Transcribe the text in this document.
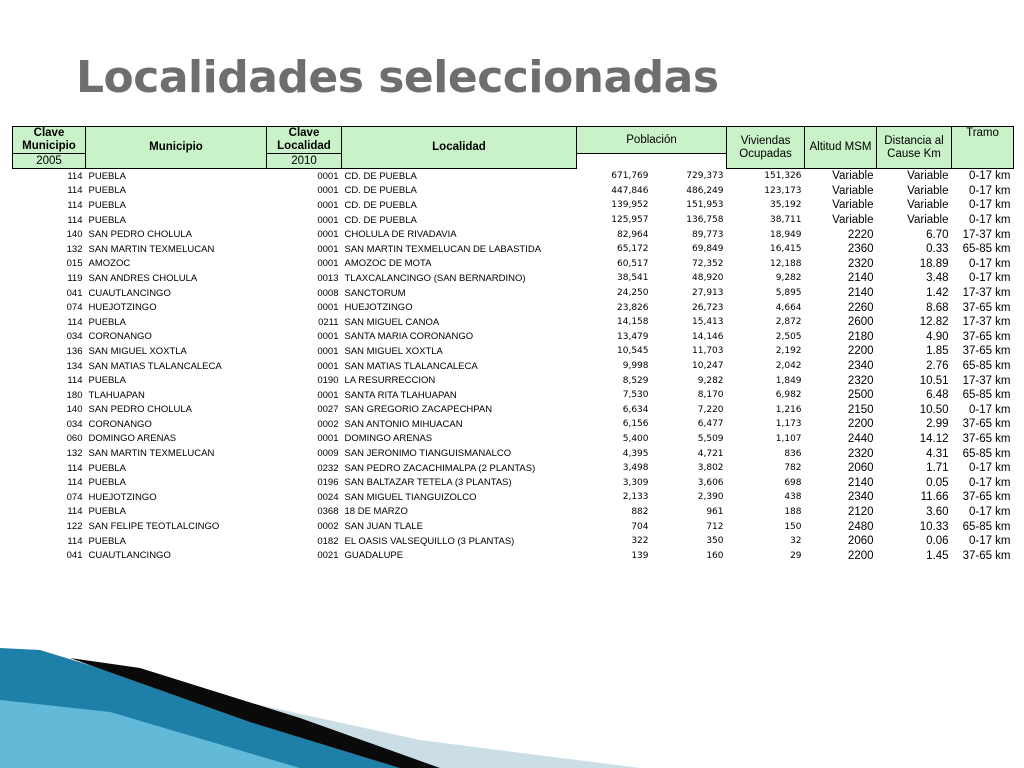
Localidades seleccionadas
Clave Municipio	Municipio	Clave Localidad	Localidad	Población		Viviendas Ocupadas	Altitud MSM	Distancia al Cause Km	Tramo
2005		2010							
114	PUEBLA	0001	CD. DE PUEBLA	671,769	729,373	151,326	Variable	Variable	0-17 km
114	PUEBLA	0001	CD. DE PUEBLA	447,846	486,249	123,173	Variable	Variable	0-17 km
114	PUEBLA	0001	CD. DE PUEBLA	139,952	151,953	35,192	Variable	Variable	0-17 km
114	PUEBLA	0001	CD. DE PUEBLA	125,957	136,758	38,711	Variable	Variable	0-17 km
140	SAN PEDRO CHOLULA	0001	CHOLULA DE RIVADAVIA	82,964	89,773	18,949	2220	6.70	17-37 km
132	SAN MARTIN TEXMELUCAN	0001	SAN MARTIN TEXMELUCAN DE LABASTIDA	65,172	69,849	16,415	2360	0.33	65-85 km
015	AMOZOC	0001	AMOZOC DE MOTA	60,517	72,352	12,188	2320	18.89	0-17 km
119	SAN ANDRES CHOLULA	0013	TLAXCALANCINGO (SAN BERNARDINO)	38,541	48,920	9,282	2140	3.48	0-17 km
041	CUAUTLANCINGO	0008	SANCTORUM	24,250	27,913	5,895	2140	1.42	17-37 km
074	HUEJOTZINGO	0001	HUEJOTZINGO	23,826	26,723	4,664	2260	8.68	37-65 km
114	PUEBLA	0211	SAN MIGUEL CANOA	14,158	15,413	2,872	2600	12.82	17-37 km
034	CORONANGO	0001	SANTA MARIA CORONANGO	13,479	14,146	2,505	2180	4.90	37-65 km
136	SAN MIGUEL XOXTLA	0001	SAN MIGUEL XOXTLA	10,545	11,703	2,192	2200	1.85	37-65 km
134	SAN MATIAS TLALANCALECA	0001	SAN MATIAS TLALANCALECA	9,998	10,247	2,042	2340	2.76	65-85 km
114	PUEBLA	0190	LA RESURRECCION	8,529	9,282	1,849	2320	10.51	17-37 km
180	TLAHUAPAN	0001	SANTA RITA TLAHUAPAN	7,530	8,170	6,982	2500	6.48	65-85 km
140	SAN PEDRO CHOLULA	0027	SAN GREGORIO ZACAPECHPAN	6,634	7,220	1,216	2150	10.50	0-17 km
034	CORONANGO	0002	SAN ANTONIO MIHUACAN	6,156	6,477	1,173	2200	2.99	37-65 km
060	DOMINGO ARENAS	0001	DOMINGO ARENAS	5,400	5,509	1,107	2440	14.12	37-65 km
132	SAN MARTIN TEXMELUCAN	0009	SAN JERONIMO TIANGUISMANALCO	4,395	4,721	836	2320	4.31	65-85 km
114	PUEBLA	0232	SAN PEDRO ZACACHIMALPA (2 PLANTAS)	3,498	3,802	782	2060	1.71	0-17 km
114	PUEBLA	0196	SAN BALTAZAR TETELA (3 PLANTAS)	3,309	3,606	698	2140	0.05	0-17 km
074	HUEJOTZINGO	0024	SAN MIGUEL TIANGUIZOLCO	2,133	2,390	438	2340	11.66	37-65 km
114	PUEBLA	0368	18 DE MARZO	882	961	188	2120	3.60	0-17 km
122	SAN FELIPE TEOTLALCINGO	0002	SAN JUAN TLALE	704	712	150	2480	10.33	65-85 km
114	PUEBLA	0182	EL OASIS VALSEQUILLO (3 PLANTAS)	322	350	32	2060	0.06	0-17 km
041	CUAUTLANCINGO	0021	GUADALUPE	139	160	29	2200	1.45	37-65 km
